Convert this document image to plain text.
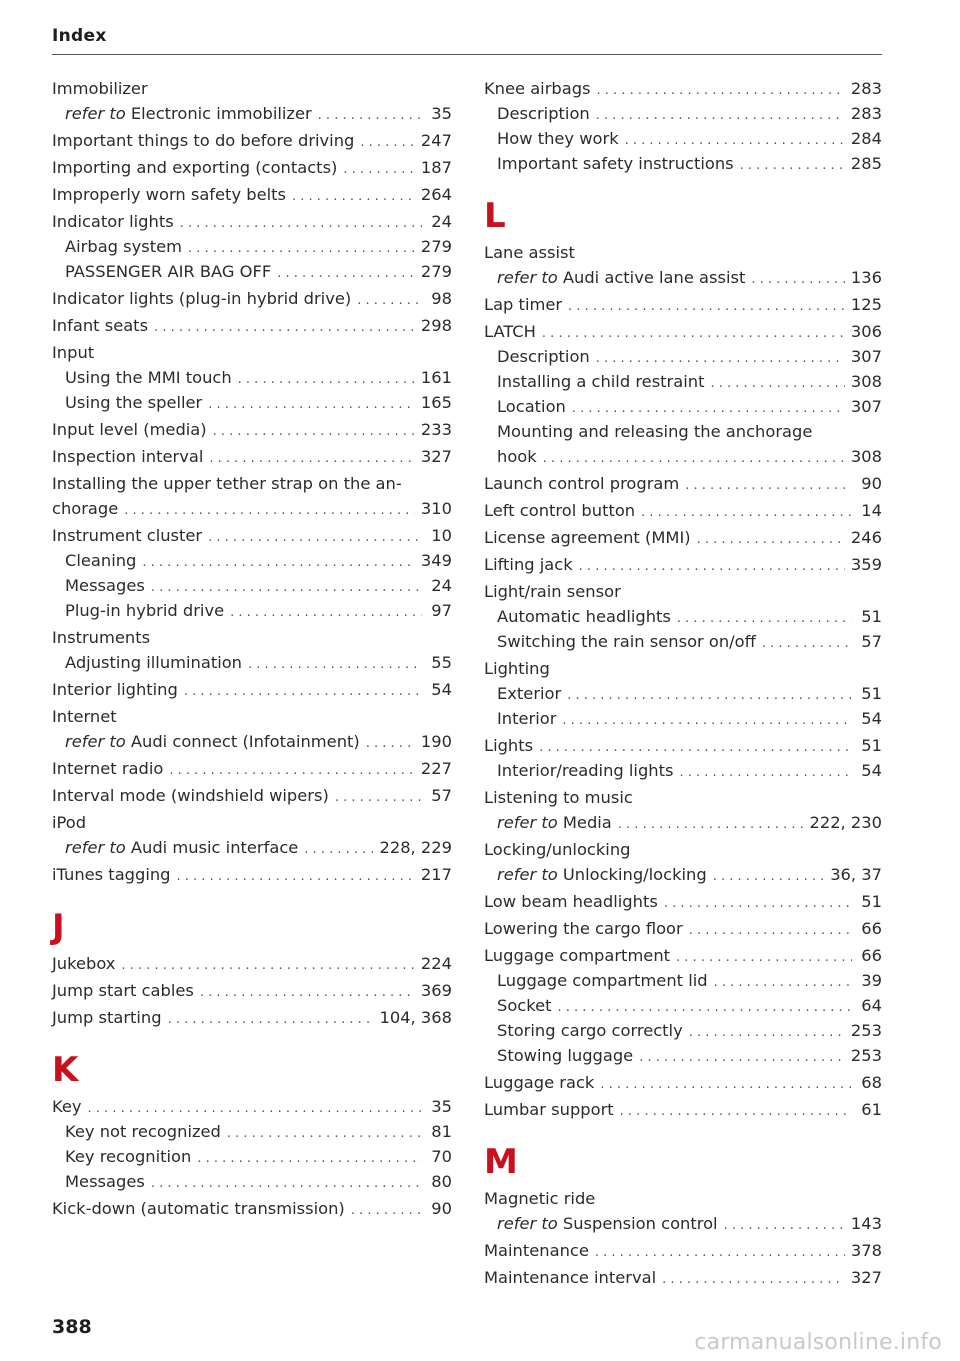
Index
Immobilizer
refer to Electronic immobilizer . . .	35
Important things to do before driving . . .	247
Importing and exporting (contacts) . . .	187
Improperly worn safety belts . . .	264
Indicator lights . . .	24
Airbag system . . .	279
PASSENGER AIR BAG OFF . . .	279
Indicator lights (plug-in hybrid drive) . . .	98
Infant seats . . .	298
Input
Using the MMI touch . . .	161
Using the speller . . .	165
Input level (media) . . .	233
Inspection interval . . .	327
Installing the upper tether strap on the an-
chorage . . .	310
Instrument cluster . . .	10
Cleaning . . .	349
Messages . . .	24
Plug-in hybrid drive . . .	97
Instruments
Adjusting illumination . . .	55
Interior lighting . . .	54
Internet
refer to Audi connect (Infotainment) . . .	190
Internet radio . . .	227
Interval mode (windshield wipers) . . .	57
iPod
refer to Audi music interface . . .	228, 229
iTunes tagging . . .	217
J
Jukebox . . .	224
Jump start cables . . .	369
Jump starting . . .	104, 368
K
Key . . .	35
Key not recognized . . .	81
Key recognition . . .	70
Messages . . .	80
Kick-down (automatic transmission) . . .	90
Knee airbags . . .	283
Description . . .	283
How they work . . .	284
Important safety instructions . . .	285
L
Lane assist
refer to Audi active lane assist . . .	136
Lap timer . . .	125
LATCH . . .	306
Description . . .	307
Installing a child restraint . . .	308
Location . . .	307
Mounting and releasing the anchorage
hook . . .	308
Launch control program . . .	90
Left control button . . .	14
License agreement (MMI) . . .	246
Lifting jack . . .	359
Light/rain sensor
Automatic headlights . . .	51
Switching the rain sensor on/off . . .	57
Lighting
Exterior . . .	51
Interior . . .	54
Lights . . .	51
Interior/reading lights . . .	54
Listening to music
refer to Media . . .	222, 230
Locking/unlocking
refer to Unlocking/locking . . .	36, 37
Low beam headlights . . .	51
Lowering the cargo floor . . .	66
Luggage compartment . . .	66
Luggage compartment lid . . .	39
Socket . . .	64
Storing cargo correctly . . .	253
Stowing luggage . . .	253
Luggage rack . . .	68
Lumbar support . . .	61
M
Magnetic ride
refer to Suspension control . . .	143
Maintenance . . .	378
Maintenance interval . . .	327
388
carmanualsonline.info
